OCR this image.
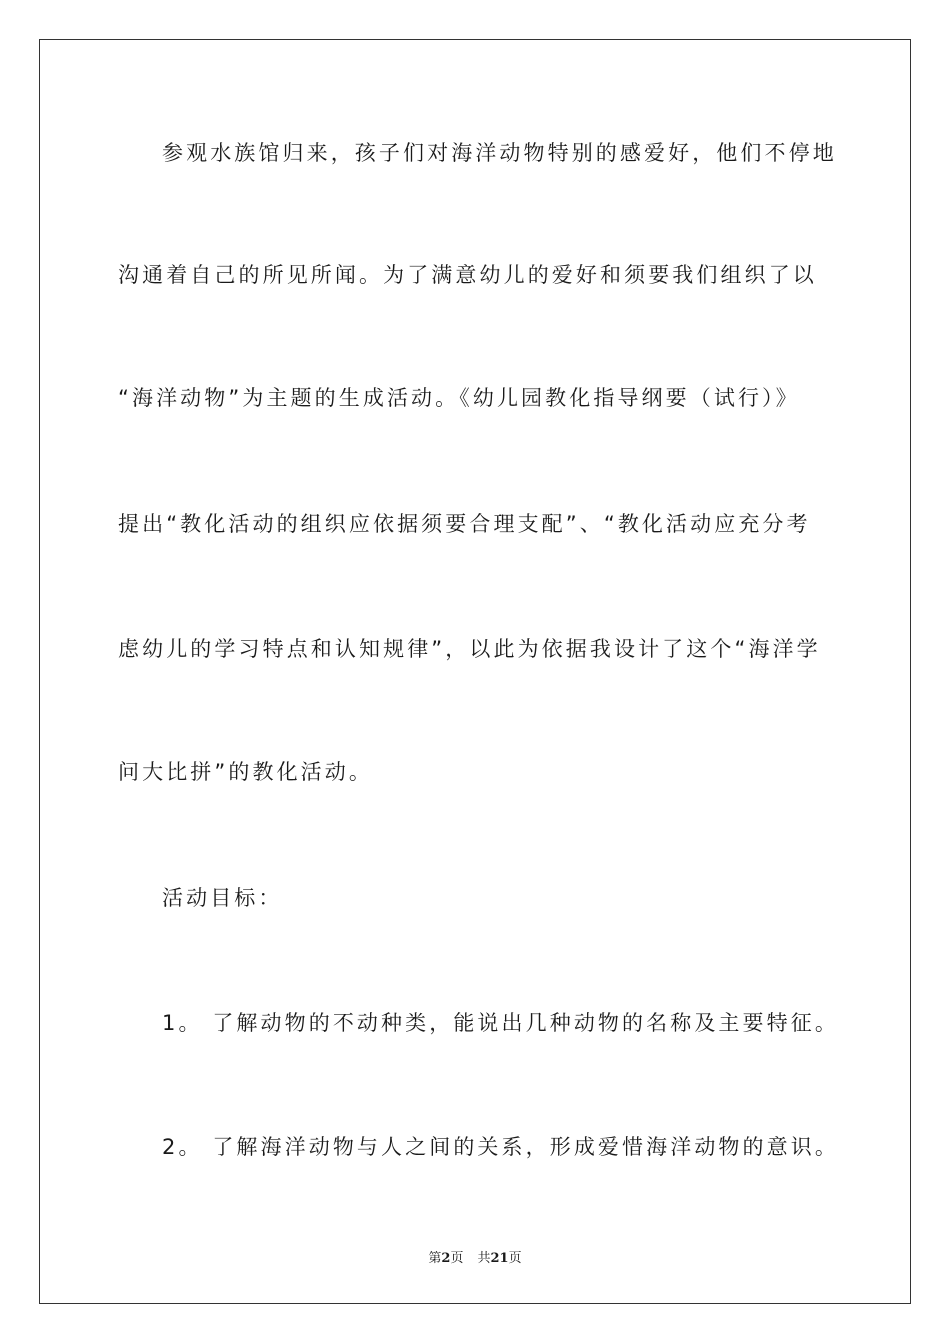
参观水族馆归来，孩子们对海洋动物特别的感爱好，他们不停地

沟通着自己的所见所闻。为了满意幼儿的爱好和须要我们组织了以

“海洋动物”为主题的生成活动。《幼儿园教化指导纲要（试行）》

提出“教化活动的组织应依据须要合理支配”、“教化活动应充分考

虑幼儿的学习特点和认知规律”，以此为依据我设计了这个“海洋学

问大比拼”的教化活动。

活动目标：

1。 了解动物的不动种类，能说出几种动物的名称及主要特征。

2。 了解海洋动物与人之间的关系，形成爱惜海洋动物的意识。

第2页 共21页
